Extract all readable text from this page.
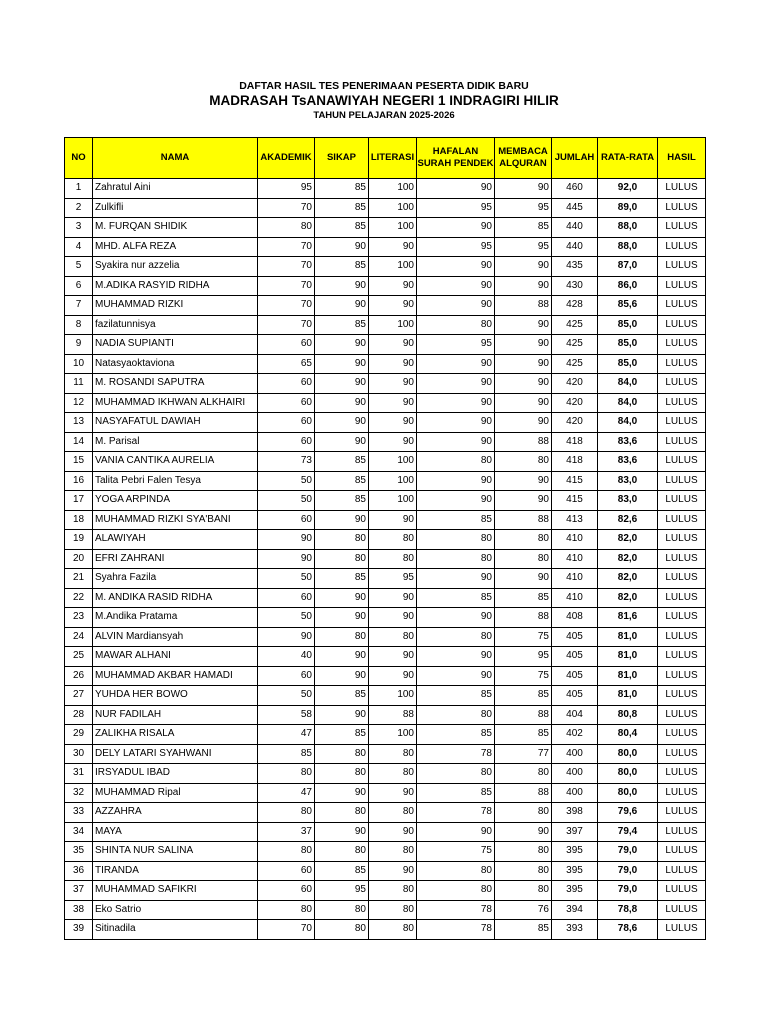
DAFTAR HASIL TES PENERIMAAN PESERTA DIDIK BARU
MADRASAH TsANAWIYAH NEGERI 1 INDRAGIRI HILIR
TAHUN PELAJARAN 2025-2026
NO	NAMA	AKADEMIK	SIKAP	LITERASI	HAFALAN SURAH PENDEK	MEMBACA ALQURAN	JUMLAH	RATA-RATA	HASIL
1	Zahratul Aini	95	85	100	90	90	460	92,0	LULUS
2	Zulkifli	70	85	100	95	95	445	89,0	LULUS
3	M. FURQAN SHIDIK	80	85	100	90	85	440	88,0	LULUS
4	MHD. ALFA REZA	70	90	90	95	95	440	88,0	LULUS
5	Syakira nur azzelia	70	85	100	90	90	435	87,0	LULUS
6	M.ADIKA RASYID RIDHA	70	90	90	90	90	430	86,0	LULUS
7	MUHAMMAD RIZKI	70	90	90	90	88	428	85,6	LULUS
8	fazilatunnisya	70	85	100	80	90	425	85,0	LULUS
9	NADIA SUPIANTI	60	90	90	95	90	425	85,0	LULUS
10	Natasyaoktaviona	65	90	90	90	90	425	85,0	LULUS
11	M. ROSANDI SAPUTRA	60	90	90	90	90	420	84,0	LULUS
12	MUHAMMAD IKHWAN ALKHAIRI	60	90	90	90	90	420	84,0	LULUS
13	NASYAFATUL DAWIAH	60	90	90	90	90	420	84,0	LULUS
14	M. Parisal	60	90	90	90	88	418	83,6	LULUS
15	VANIA CANTIKA AURELIA	73	85	100	80	80	418	83,6	LULUS
16	Talita Pebri Falen Tesya	50	85	100	90	90	415	83,0	LULUS
17	YOGA ARPINDA	50	85	100	90	90	415	83,0	LULUS
18	MUHAMMAD RIZKI SYA'BANI	60	90	90	85	88	413	82,6	LULUS
19	ALAWIYAH	90	80	80	80	80	410	82,0	LULUS
20	EFRI ZAHRANI	90	80	80	80	80	410	82,0	LULUS
21	Syahra Fazila	50	85	95	90	90	410	82,0	LULUS
22	M. ANDIKA RASID RIDHA	60	90	90	85	85	410	82,0	LULUS
23	M.Andika Pratama	50	90	90	90	88	408	81,6	LULUS
24	ALVIN Mardiansyah	90	80	80	80	75	405	81,0	LULUS
25	MAWAR ALHANI	40	90	90	90	95	405	81,0	LULUS
26	MUHAMMAD AKBAR HAMADI	60	90	90	90	75	405	81,0	LULUS
27	YUHDA HER BOWO	50	85	100	85	85	405	81,0	LULUS
28	NUR FADILAH	58	90	88	80	88	404	80,8	LULUS
29	ZALIKHA RISALA	47	85	100	85	85	402	80,4	LULUS
30	DELY LATARI SYAHWANI	85	80	80	78	77	400	80,0	LULUS
31	IRSYADUL IBAD	80	80	80	80	80	400	80,0	LULUS
32	MUHAMMAD Ripal	47	90	90	85	88	400	80,0	LULUS
33	AZZAHRA	80	80	80	78	80	398	79,6	LULUS
34	MAYA	37	90	90	90	90	397	79,4	LULUS
35	SHINTA NUR SALINA	80	80	80	75	80	395	79,0	LULUS
36	TIRANDA	60	85	90	80	80	395	79,0	LULUS
37	MUHAMMAD SAFIKRI	60	95	80	80	80	395	79,0	LULUS
38	Eko Satrio	80	80	80	78	76	394	78,8	LULUS
39	Sitinadila	70	80	80	78	85	393	78,6	LULUS
